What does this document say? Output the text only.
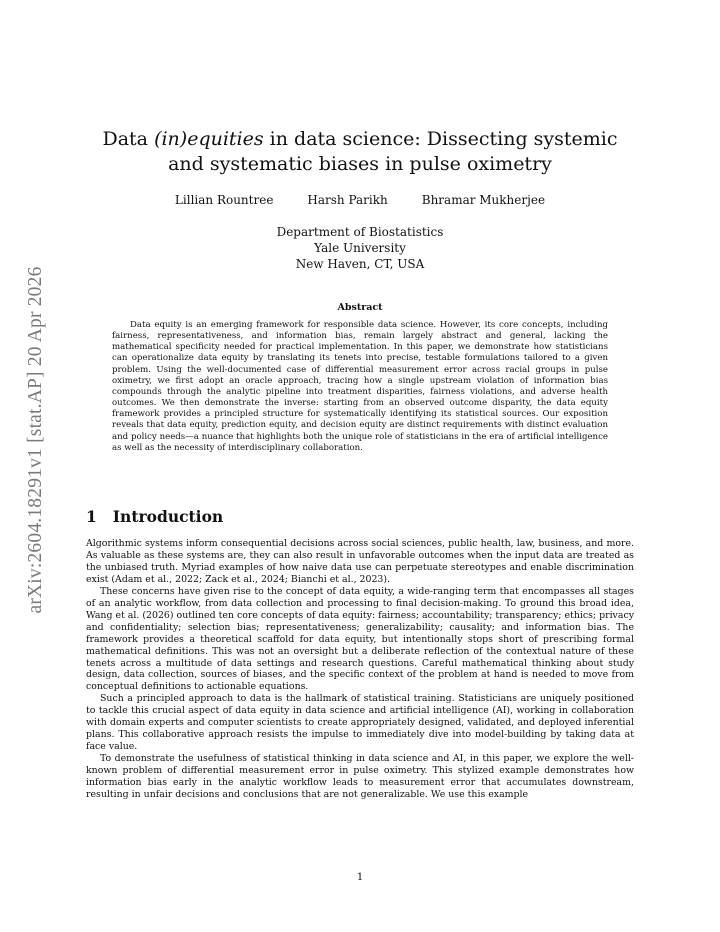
arXiv:2604.18291v1 [stat.AP] 20 Apr 2026
Data (in)equities in data science: Dissecting systemic and systematic biases in pulse oximetry
Lillian Rountree	Harsh Parikh	Bhramar Mukherjee
Department of Biostatistics
Yale University
New Haven, CT, USA
Abstract

Data equity is an emerging framework for responsible data science. However, its core concepts, including fairness, representativeness, and information bias, remain largely abstract and general, lacking the mathematical specificity needed for practical implementation. In this paper, we demonstrate how statisticians can operationalize data equity by translating its tenets into precise, testable formulations tailored to a given problem. Using the well-documented case of differential measurement error across racial groups in pulse oximetry, we first adopt an oracle approach, tracing how a single upstream violation of information bias compounds through the analytic pipeline into treatment disparities, fairness violations, and adverse health outcomes. We then demonstrate the inverse: starting from an observed outcome disparity, the data equity framework provides a principled structure for systematically identifying its statistical sources. Our exposition reveals that data equity, prediction equity, and decision equity are distinct requirements with distinct evaluation and policy needs—a nuance that highlights both the unique role of statisticians in the era of artificial intelligence as well as the necessity of interdisciplinary collaboration.

1 Introduction

Algorithmic systems inform consequential decisions across social sciences, public health, law, business, and more. As valuable as these systems are, they can also result in unfavorable outcomes when the input data are treated as the unbiased truth. Myriad examples of how naive data use can perpetuate stereotypes and enable discrimination exist (Adam et al., 2022; Zack et al., 2024; Bianchi et al., 2023).

These concerns have given rise to the concept of data equity, a wide-ranging term that encompasses all stages of an analytic workflow, from data collection and processing to final decision-making. To ground this broad idea, Wang et al. (2026) outlined ten core concepts of data equity: fairness; accountability; transparency; ethics; privacy and confidentiality; selection bias; representativeness; generalizability; causality; and information bias. The framework provides a theoretical scaffold for data equity, but intentionally stops short of prescribing formal mathematical definitions. This was not an oversight but a deliberate reflection of the contextual nature of these tenets across a multitude of data settings and research questions. Careful mathematical thinking about study design, data collection, sources of biases, and the specific context of the problem at hand is needed to move from conceptual definitions to actionable equations.

Such a principled approach to data is the hallmark of statistical training. Statisticians are uniquely positioned to tackle this crucial aspect of data equity in data science and artificial intelligence (AI), working in collaboration with domain experts and computer scientists to create appropriately designed, validated, and deployed inferential plans. This collaborative approach resists the impulse to immediately dive into model-building by taking data at face value.

To demonstrate the usefulness of statistical thinking in data science and AI, in this paper, we explore the well-known problem of differential measurement error in pulse oximetry. This stylized example demonstrates how information bias early in the analytic workflow leads to measurement error that accumulates downstream, resulting in unfair decisions and conclusions that are not generalizable. We use this example

1
